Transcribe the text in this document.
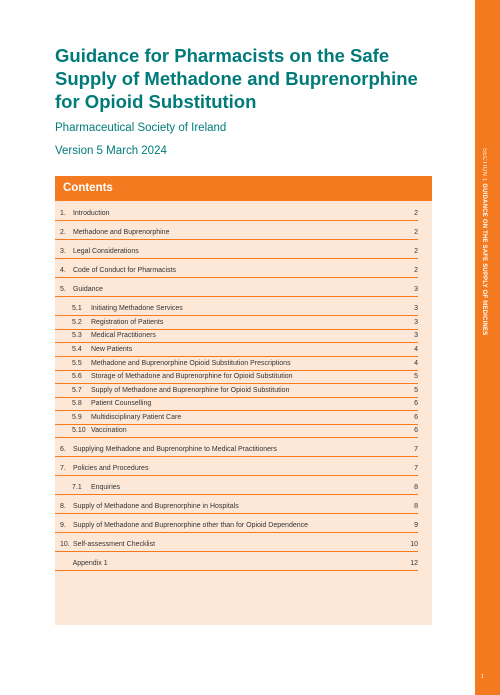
SECTION 1 GUIDANCE ON THE SAFE SUPPLY OF MEDICINES
Guidance for Pharmacists on the Safe Supply of Methadone and Buprenorphine for Opioid Substitution
Pharmaceutical Society of Ireland
Version 5 March 2024
Contents
1. Introduction	2
2. Methadone and Buprenorphine	2
3. Legal Considerations	2
4. Code of Conduct for Pharmacists	2
5. Guidance	3
5.1 Initiating Methadone Services	3
5.2 Registration of Patients	3
5.3 Medical Practitioners	3
5.4 New Patients	4
5.5 Methadone and Buprenorphine Opioid Substitution Prescriptions	4
5.6 Storage of Methadone and Buprenorphine for Opioid Substitution	5
5.7 Supply of Methadone and Buprenorphine for Opioid Substitution	5
5.8 Patient Counselling	6
5.9 Multidisciplinary Patient Care	6
5.10 Vaccination	6
6. Supplying Methadone and Buprenorphine to Medical Practitioners	7
7. Policies and Procedures	7
7.1 Enquiries	8
8. Supply of Methadone and Buprenorphine in Hospitals	8
9. Supply of Methadone and Buprenorphine other than for Opioid Dependence	9
10. Self-assessment Checklist	10
Appendix 1	12
1
